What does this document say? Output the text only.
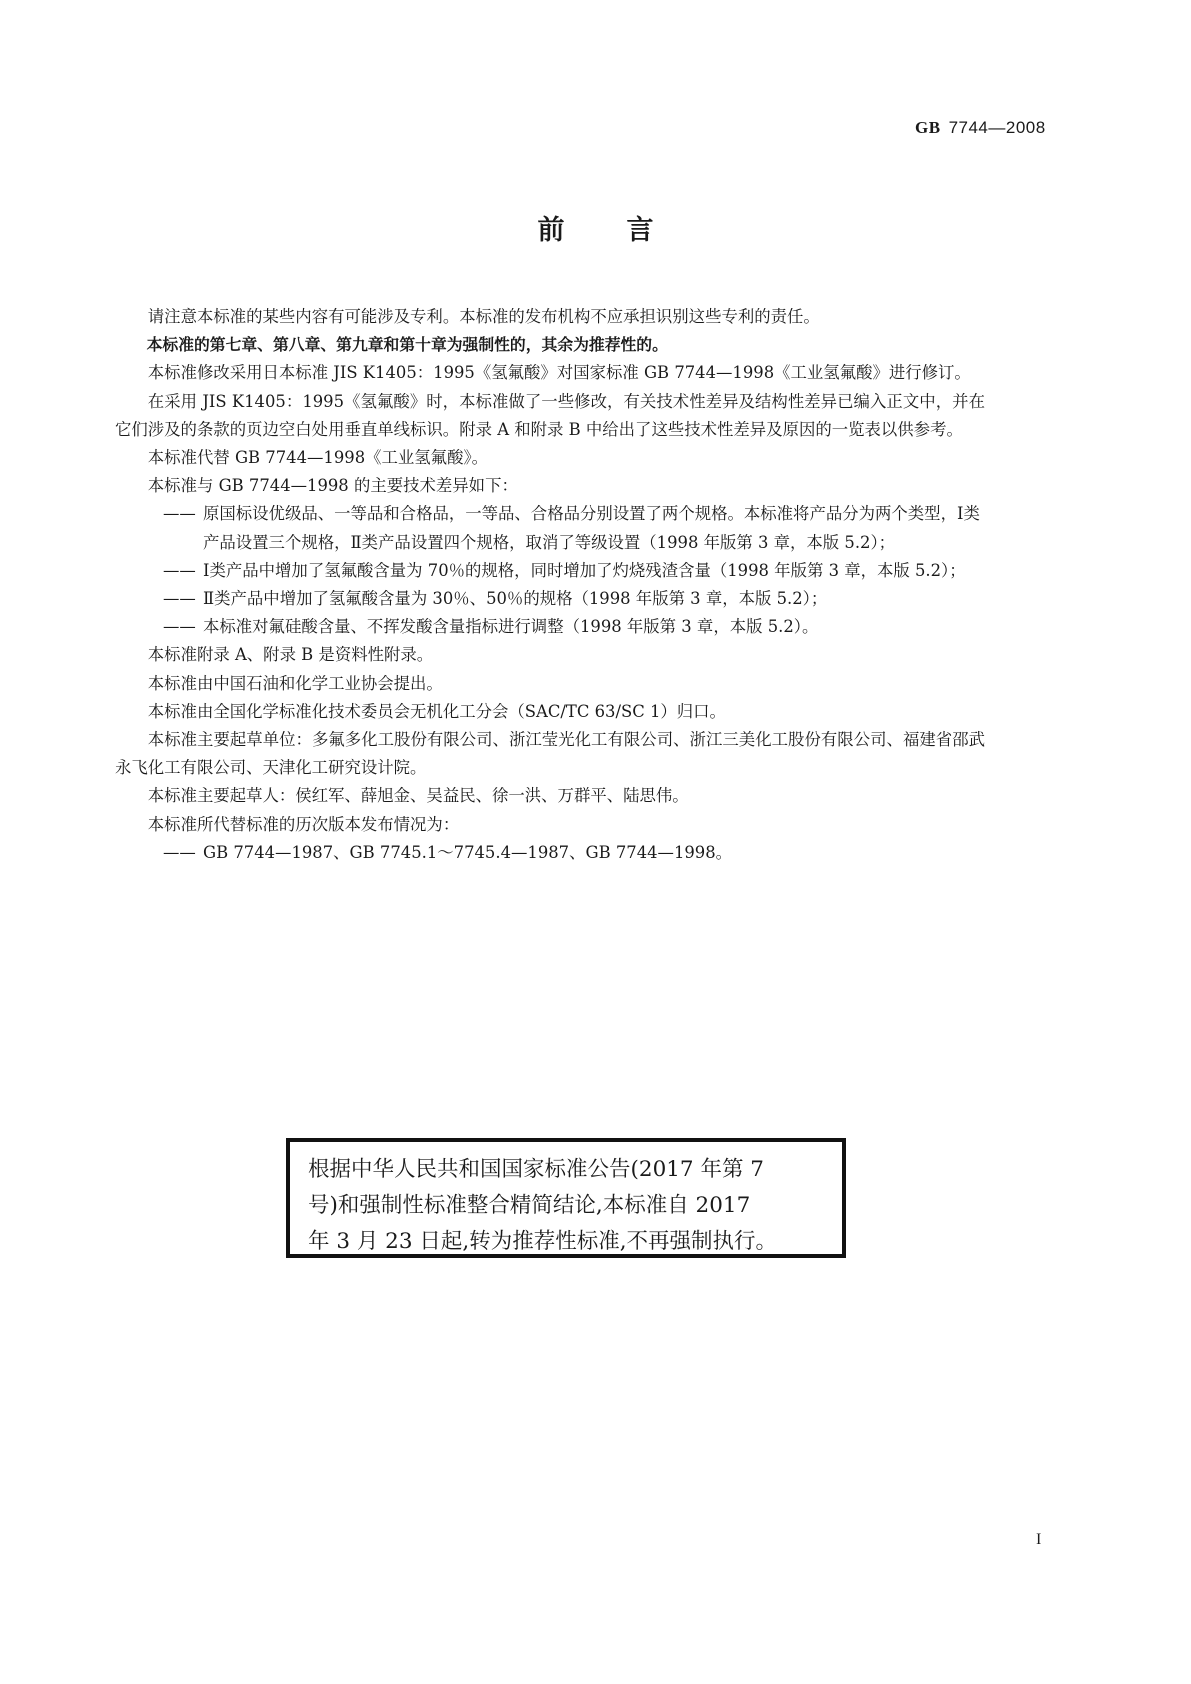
GB 7744—2008
前 言

请注意本标准的某些内容有可能涉及专利。本标准的发布机构不应承担识别这些专利的责任。

本标准的第七章、第八章、第九章和第十章为强制性的，其余为推荐性的。

本标准修改采用日本标准 JIS K1405：1995《氢氟酸》对国家标准 GB 7744—1998《工业氢氟酸》进行修订。

在采用 JIS K1405：1995《氢氟酸》时，本标准做了一些修改，有关技术性差异及结构性差异已编入正文中，并在它们涉及的条款的页边空白处用垂直单线标识。附录 A 和附录 B 中给出了这些技术性差异及原因的一览表以供参考。

本标准代替 GB 7744—1998《工业氢氟酸》。

本标准与 GB 7744—1998 的主要技术差异如下：

—— 原国标设优级品、一等品和合格品，一等品、合格品分别设置了两个规格。本标准将产品分为两个类型，Ⅰ类产品设置三个规格，Ⅱ类产品设置四个规格，取消了等级设置（1998 年版第 3 章，本版 5.2）；

—— Ⅰ类产品中增加了氢氟酸含量为 70％的规格，同时增加了灼烧残渣含量（1998 年版第 3 章，本版 5.2）；

—— Ⅱ类产品中增加了氢氟酸含量为 30％、50％的规格（1998 年版第 3 章，本版 5.2）；

—— 本标准对氟硅酸含量、不挥发酸含量指标进行调整（1998 年版第 3 章，本版 5.2）。

本标准附录 A、附录 B 是资料性附录。

本标准由中国石油和化学工业协会提出。

本标准由全国化学标准化技术委员会无机化工分会（SAC/TC 63/SC 1）归口。

本标准主要起草单位：多氟多化工股份有限公司、浙江莹光化工有限公司、浙江三美化工股份有限公司、福建省邵武永飞化工有限公司、天津化工研究设计院。

本标准主要起草人：侯红军、薛旭金、吴益民、徐一洪、万群平、陆思伟。

本标准所代替标准的历次版本发布情况为：

—— GB 7744—1987、GB 7745.1～7745.4—1987、GB 7744—1998。

根据中华人民共和国国家标准公告(2017 年第 7

号)和强制性标准整合精简结论,本标准自 2017

年 3 月 23 日起,转为推荐性标准,不再强制执行。

I
